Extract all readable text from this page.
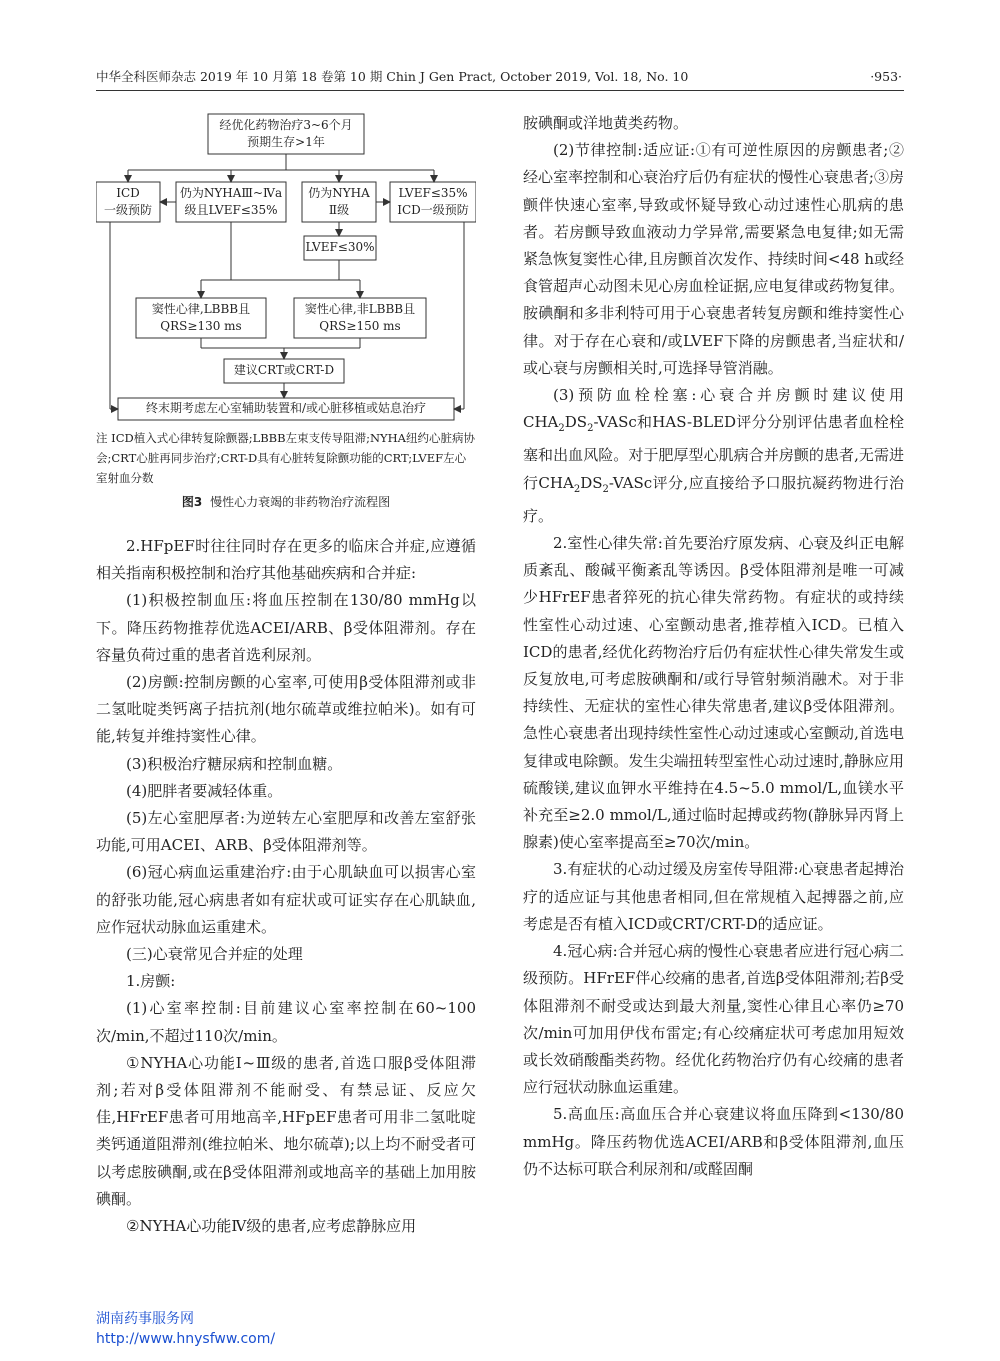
中华全科医师杂志 2019 年 10 月第 18 卷第 10 期 Chin J Gen Pract, October 2019, Vol. 18, No. 10	·953·
经优化药物治疗3~6个月
预期生存>1年
ICD
一级预防
仍为NYHAⅢ~Ⅳa
级且LVEF≤35%
仍为NYHA
Ⅱ级
LVEF≤35%
ICD一级预防
LVEF≤30%
窦性心律,LBBB且
QRS≥130 ms
窦性心律,非LBBB且
QRS≥150 ms
建议CRT或CRT-D
终末期考虑左心室辅助装置和/或心脏移植或姑息治疗
注 ICD植入式心律转复除颤器;LBBB左束支传导阻滞;NYHA纽约心脏病协会;CRT心脏再同步治疗;CRT-D具有心脏转复除颤功能的CRT;LVEF左心室射血分数
图3 慢性心力衰竭的非药物治疗流程图

2.HFpEF时往往同时存在更多的临床合并症,应遵循相关指南积极控制和治疗其他基础疾病和合并症:

(1)积极控制血压:将血压控制在130/80 mmHg以下。降压药物推荐优选ACEI/ARB、β受体阻滞剂。存在容量负荷过重的患者首选利尿剂。

(2)房颤:控制房颤的心室率,可使用β受体阻滞剂或非二氢吡啶类钙离子拮抗剂(地尔硫䓬或维拉帕米)。如有可能,转复并维持窦性心律。

(3)积极治疗糖尿病和控制血糖。

(4)肥胖者要减轻体重。

(5)左心室肥厚者:为逆转左心室肥厚和改善左室舒张功能,可用ACEI、ARB、β受体阻滞剂等。

(6)冠心病血运重建治疗:由于心肌缺血可以损害心室的舒张功能,冠心病患者如有症状或可证实存在心肌缺血,应作冠状动脉血运重建术。

(三)心衰常见合并症的处理

1.房颤:

(1)心室率控制:目前建议心室率控制在60~100次/min,不超过110次/min。

①NYHA心功能Ⅰ~Ⅲ级的患者,首选口服β受体阻滞剂;若对β受体阻滞剂不能耐受、有禁忌证、反应欠佳,HFrEF患者可用地高辛,HFpEF患者可用非二氢吡啶类钙通道阻滞剂(维拉帕米、地尔硫䓬);以上均不耐受者可以考虑胺碘酮,或在β受体阻滞剂或地高辛的基础上加用胺碘酮。

②NYHA心功能Ⅳ级的患者,应考虑静脉应用

胺碘酮或洋地黄类药物。

(2)节律控制:适应证:①有可逆性原因的房颤患者;②经心室率控制和心衰治疗后仍有症状的慢性心衰患者;③房颤伴快速心室率,导致或怀疑导致心动过速性心肌病的患者。若房颤导致血液动力学异常,需要紧急电复律;如无需紧急恢复窦性心律,且房颤首次发作、持续时间<48 h或经食管超声心动图未见心房血栓证据,应电复律或药物复律。胺碘酮和多非利特可用于心衰患者转复房颤和维持窦性心律。对于存在心衰和/或LVEF下降的房颤患者,当症状和/或心衰与房颤相关时,可选择导管消融。

(3)预防血栓栓塞:心衰合并房颤时建议使用$CHA_2DS_2$-VASc和HAS-BLED评分分别评估患者血栓栓塞和出血风险。对于肥厚型心肌病合并房颤的患者,无需进行$CHA_2DS_2$-VASc评分,应直接给予口服抗凝药物进行治疗。

2.室性心律失常:首先要治疗原发病、心衰及纠正电解质紊乱、酸碱平衡紊乱等诱因。β受体阻滞剂是唯一可减少HFrEF患者猝死的抗心律失常药物。有症状的或持续性室性心动过速、心室颤动患者,推荐植入ICD。已植入ICD的患者,经优化药物治疗后仍有症状性心律失常发生或反复放电,可考虑胺碘酮和/或行导管射频消融术。对于非持续性、无症状的室性心律失常患者,建议β受体阻滞剂。急性心衰患者出现持续性室性心动过速或心室颤动,首选电复律或电除颤。发生尖端扭转型室性心动过速时,静脉应用硫酸镁,建议血钾水平维持在4.5~5.0 mmol/L,血镁水平补充至≥2.0 mmol/L,通过临时起搏或药物(静脉异丙肾上腺素)使心室率提高至≥70次/min。

3.有症状的心动过缓及房室传导阻滞:心衰患者起搏治疗的适应证与其他患者相同,但在常规植入起搏器之前,应考虑是否有植入ICD或CRT/CRT-D的适应证。

4.冠心病:合并冠心病的慢性心衰患者应进行冠心病二级预防。HFrEF伴心绞痛的患者,首选β受体阻滞剂;若β受体阻滞剂不耐受或达到最大剂量,窦性心律且心率仍≥70次/min可加用伊伐布雷定;有心绞痛症状可考虑加用短效或长效硝酸酯类药物。经优化药物治疗仍有心绞痛的患者应行冠状动脉血运重建。

5.高血压:高血压合并心衰建议将血压降到<130/80 mmHg。降压药物优选ACEI/ARB和β受体阻滞剂,血压仍不达标可联合利尿剂和/或醛固酮

湖南药事服务网
http://www.hnysfww.com/
